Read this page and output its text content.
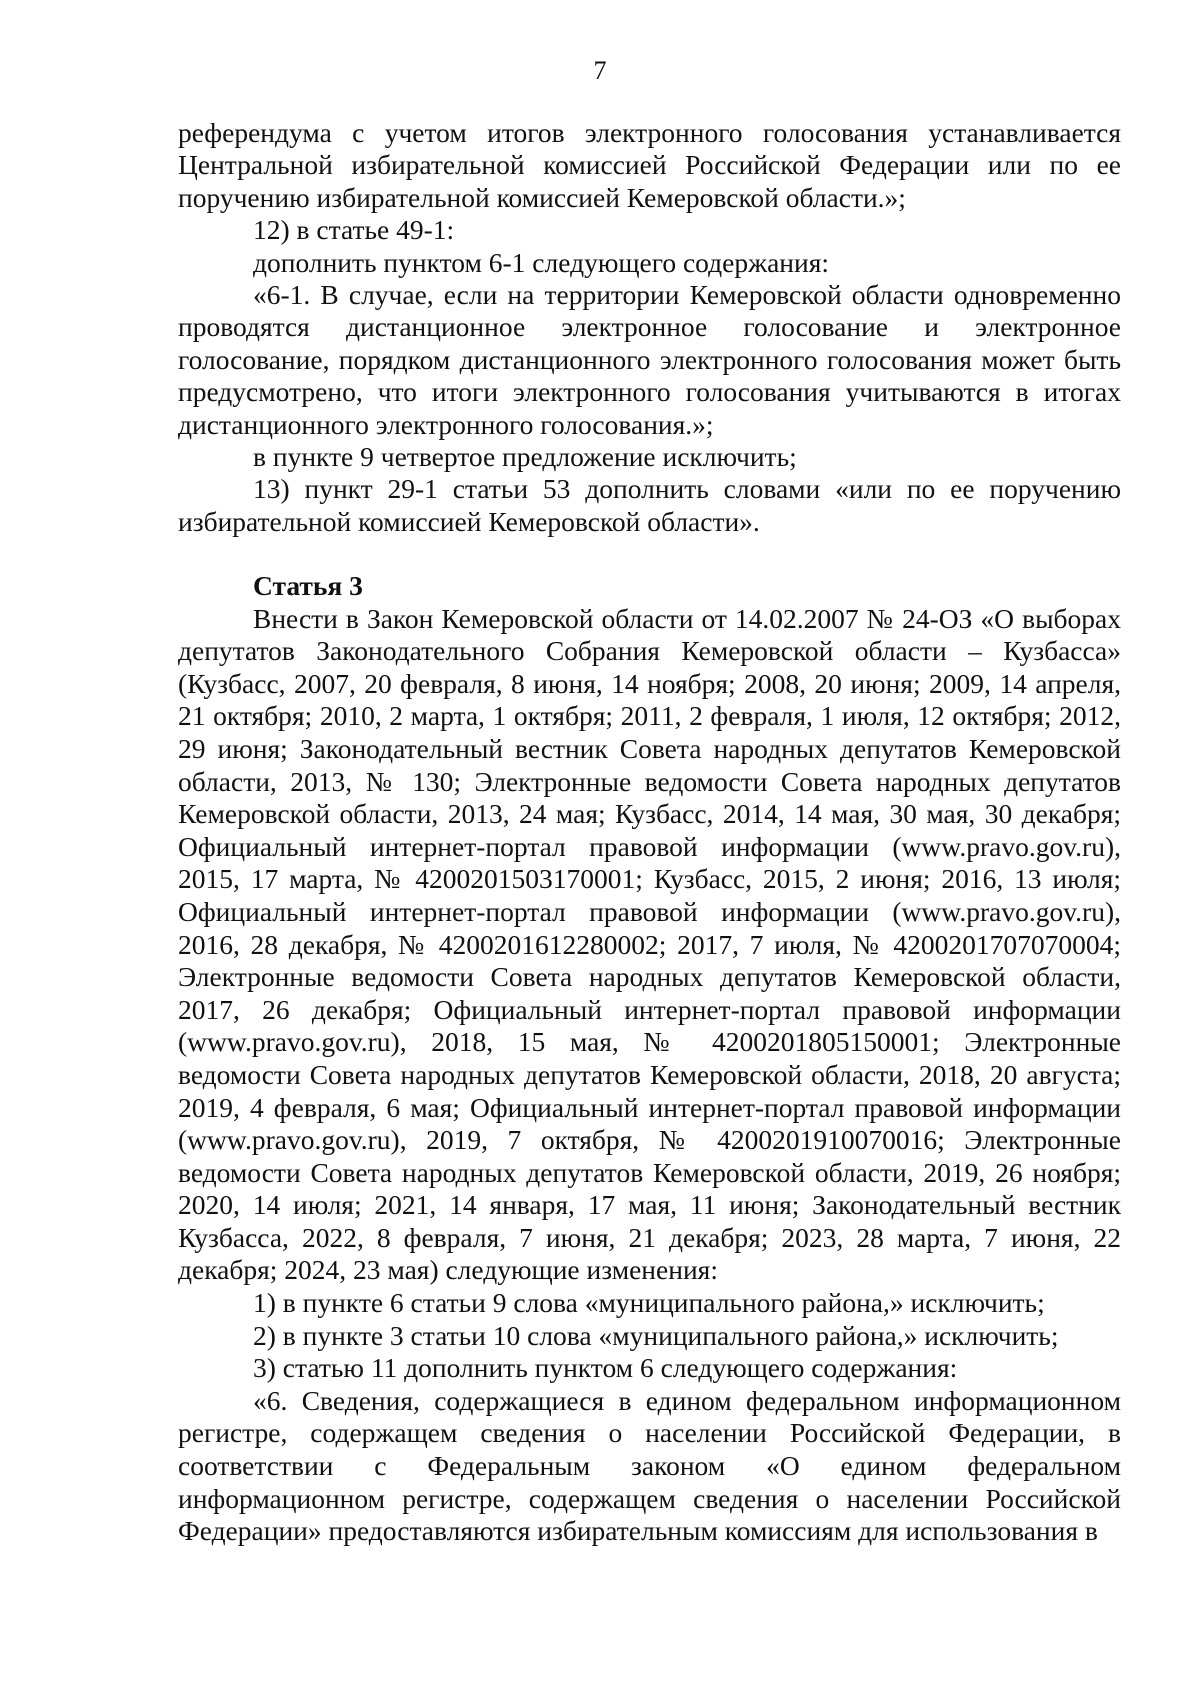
7

референдума с учетом итогов электронного голосования устанавливается Центральной избирательной комиссией Российской Федерации или по ее поручению избирательной комиссией Кемеровской области.»;

12) в статье 49-1:

дополнить пунктом 6-1 следующего содержания:

«6-1. В случае, если на территории Кемеровской области одновременно проводятся дистанционное электронное голосование и электронное голосование, порядком дистанционного электронного голосования может быть предусмотрено, что итоги электронного голосования учитываются в итогах дистанционного электронного голосования.»;

в пункте 9 четвертое предложение исключить;

13) пункт 29-1 статьи 53 дополнить словами «или по ее поручению избирательной комиссией Кемеровской области».

Статья 3

Внести в Закон Кемеровской области от 14.02.2007 № 24-ОЗ «О выборах депутатов Законодательного Собрания Кемеровской области – Кузбасса» (Кузбасс, 2007, 20 февраля, 8 июня, 14 ноября; 2008, 20 июня; 2009, 14 апреля, 21 октября; 2010, 2 марта, 1 октября; 2011, 2 февраля, 1 июля, 12 октября; 2012, 29 июня; Законодательный вестник Совета народных депутатов Кемеровской области, 2013, № 130; Электронные ведомости Совета народных депутатов Кемеровской области, 2013, 24 мая; Кузбасс, 2014, 14 мая, 30 мая, 30 декабря; Официальный интернет-портал правовой информации (www.pravo.gov.ru), 2015, 17 марта, № 4200201503170001; Кузбасс, 2015, 2 июня; 2016, 13 июля; Официальный интернет-портал правовой информации (www.pravo.gov.ru), 2016, 28 декабря, № 4200201612280002; 2017, 7 июля, № 4200201707070004; Электронные ведомости Совета народных депутатов Кемеровской области, 2017, 26 декабря; Официальный интернет-портал правовой информации (www.pravo.gov.ru), 2018, 15 мая, № 4200201805150001; Электронные ведомости Совета народных депутатов Кемеровской области, 2018, 20 августа; 2019, 4 февраля, 6 мая; Официальный интернет-портал правовой информации (www.pravo.gov.ru), 2019, 7 октября, № 4200201910070016; Электронные ведомости Совета народных депутатов Кемеровской области, 2019, 26 ноября; 2020, 14 июля; 2021, 14 января, 17 мая, 11 июня; Законодательный вестник Кузбасса, 2022, 8 февраля, 7 июня, 21 декабря; 2023, 28 марта, 7 июня, 22 декабря; 2024, 23 мая) следующие изменения:

1) в пункте 6 статьи 9 слова «муниципального района,» исключить;

2) в пункте 3 статьи 10 слова «муниципального района,» исключить;

3) статью 11 дополнить пунктом 6 следующего содержания:

«6. Сведения, содержащиеся в едином федеральном информационном регистре, содержащем сведения о населении Российской Федерации, в соответствии с Федеральным законом «О едином федеральном информационном регистре, содержащем сведения о населении Российской Федерации» предоставляются избирательным комиссиям для использования в
